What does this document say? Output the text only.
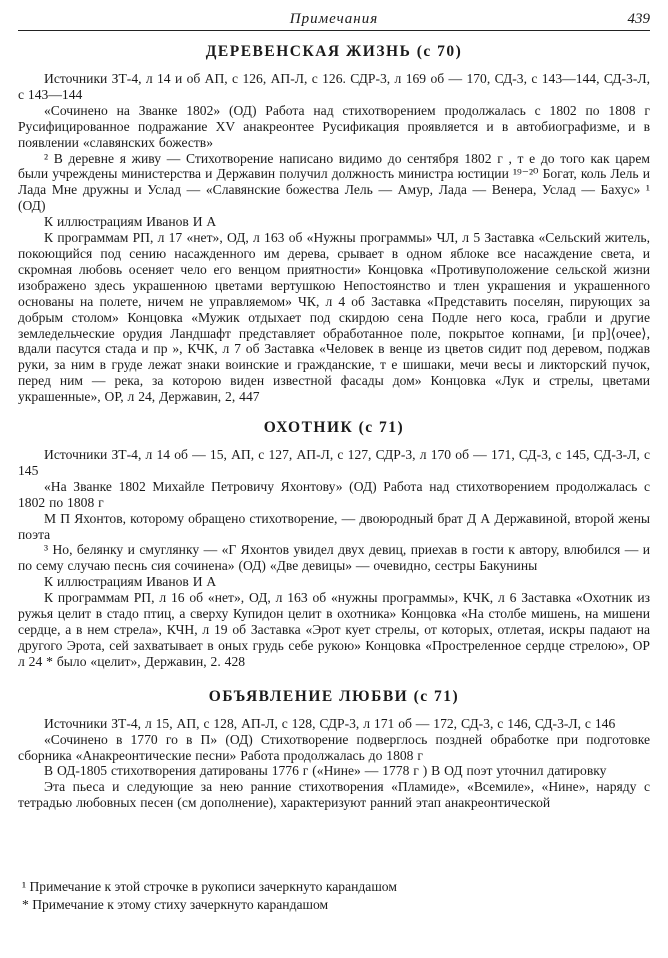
Примечания	439
ДЕРЕВЕНСКАЯ ЖИЗНЬ (с 70)

Источники ЗТ-4, л 14 и об АП, с 126, АП-Л, с 126. СДР-3, л 169 об — 170, СД-3, с 143—144, СД-3-Л, с 143—144

«Сочинено на Званке 1802» (ОД) Работа над стихотворением продолжалась с 1802 по 1808 г Русифицированное подражание XV анакреонтее Русификация проявляется и в автобиографизме, и в появлении «славянских божеств»

² В деревне я живу — Стихотворение написано видимо до сентября 1802 г , т е до того как царем были учреждены министерства и Державин получил должность министра юстиции ¹⁹⁻²⁰ Богат, коль Лель и Лада Мне дружны и Услад — «Славянские божества Лель — Амур, Лада — Венера, Услад — Бахус» ¹ (ОД)

К иллюстрациям Иванов И А

К программам РП, л 17 «нет», ОД, л 163 об «Нужны программы» ЧЛ, л 5 Заставка «Сельский житель, покоющийся под сению насажденного им дерева, срывает в одном яблоке все насаждение света, и скромная любовь осеняет чело его венцом приятности» Концовка «Противуположение сельской жизни изображено здесь украшенною цветами вертушкою Непостоянство и тлен украшения и украшенного основаны на полете, ничем не управляемом» ЧК, л 4 об Заставка «Представить поселян, пирующих за добрым столом» Концовка «Мужик отдыхает под скирдою сена Подле него коса, грабли и другие земледельческие орудия Ландшафт представляет обработанное поле, покрытое копнами, [и пр]⟨очее⟩, вдали пасутся стада и пр », КЧК, л 7 об Заставка «Человек в венце из цветов сидит под деревом, поджав руки, за ним в груде лежат знаки воинские и гражданские, т е шишаки, мечи весы и ликторский пучок, перед ним — река, за которою виден известной фасады дом» Концовка «Лук и стрелы, цветами украшенные», ОР, л 24, Державин, 2, 447

ОХОТНИК (с 71)

Источники ЗТ-4, л 14 об — 15, АП, с 127, АП-Л, с 127, СДР-3, л 170 об — 171, СД-3, с 145, СД-3-Л, с 145

«На Званке 1802 Михайле Петровичу Яхонтову» (ОД) Работа над стихотворением продолжалась с 1802 по 1808 г

М П Яхонтов, которому обращено стихотворение, — двоюродный брат Д А Державиной, второй жены поэта

³ Но, белянку и смуглянку — «Г Яхонтов увидел двух девиц, приехав в гости к автору, влюбился — и по сему случаю песнь сия сочинена» (ОД) «Две девицы» — очевидно, сестры Бакунины

К иллюстрациям Иванов И А

К программам РП, л 16 об «нет», ОД, л 163 об «нужны программы», КЧК, л 6 Заставка «Охотник из ружья целит в стадо птиц, а сверху Купидон целит в охотника» Концовка «На столбе мишень, на мишени сердце, а в нем стрела», КЧН, л 19 об Заставка «Эрот кует стрелы, от которых, отлетая, искры падают на другого Эрота, сей захватывает в оных грудь себе рукою» Концовка «Простреленное сердце стрелою», ОР л 24 * было «целит», Державин, 2. 428

ОБЪЯВЛЕНИЕ ЛЮБВИ (с 71)

Источники ЗТ-4, л 15, АП, с 128, АП-Л, с 128, СДР-3, л 171 об — 172, СД-3, с 146, СД-3-Л, с 146

«Сочинено в 1770 го в П» (ОД) Стихотворение подверглось поздней обработке при подготовке сборника «Анакреонтические песни» Работа продолжалась до 1808 г

В ОД-1805 стихотворения датированы 1776 г («Нине» — 1778 г ) В ОД поэт уточнил датировку

Эта пьеса и следующие за нею ранние стихотворения «Пламиде», «Всемиле», «Нине», наряду с тетрадью любовных песен (см дополнение), характеризуют ранний этап анакреонтической

¹ Примечание к этой строчке в рукописи зачеркнуто карандашом

* Примечание к этому стиху зачеркнуто карандашом
